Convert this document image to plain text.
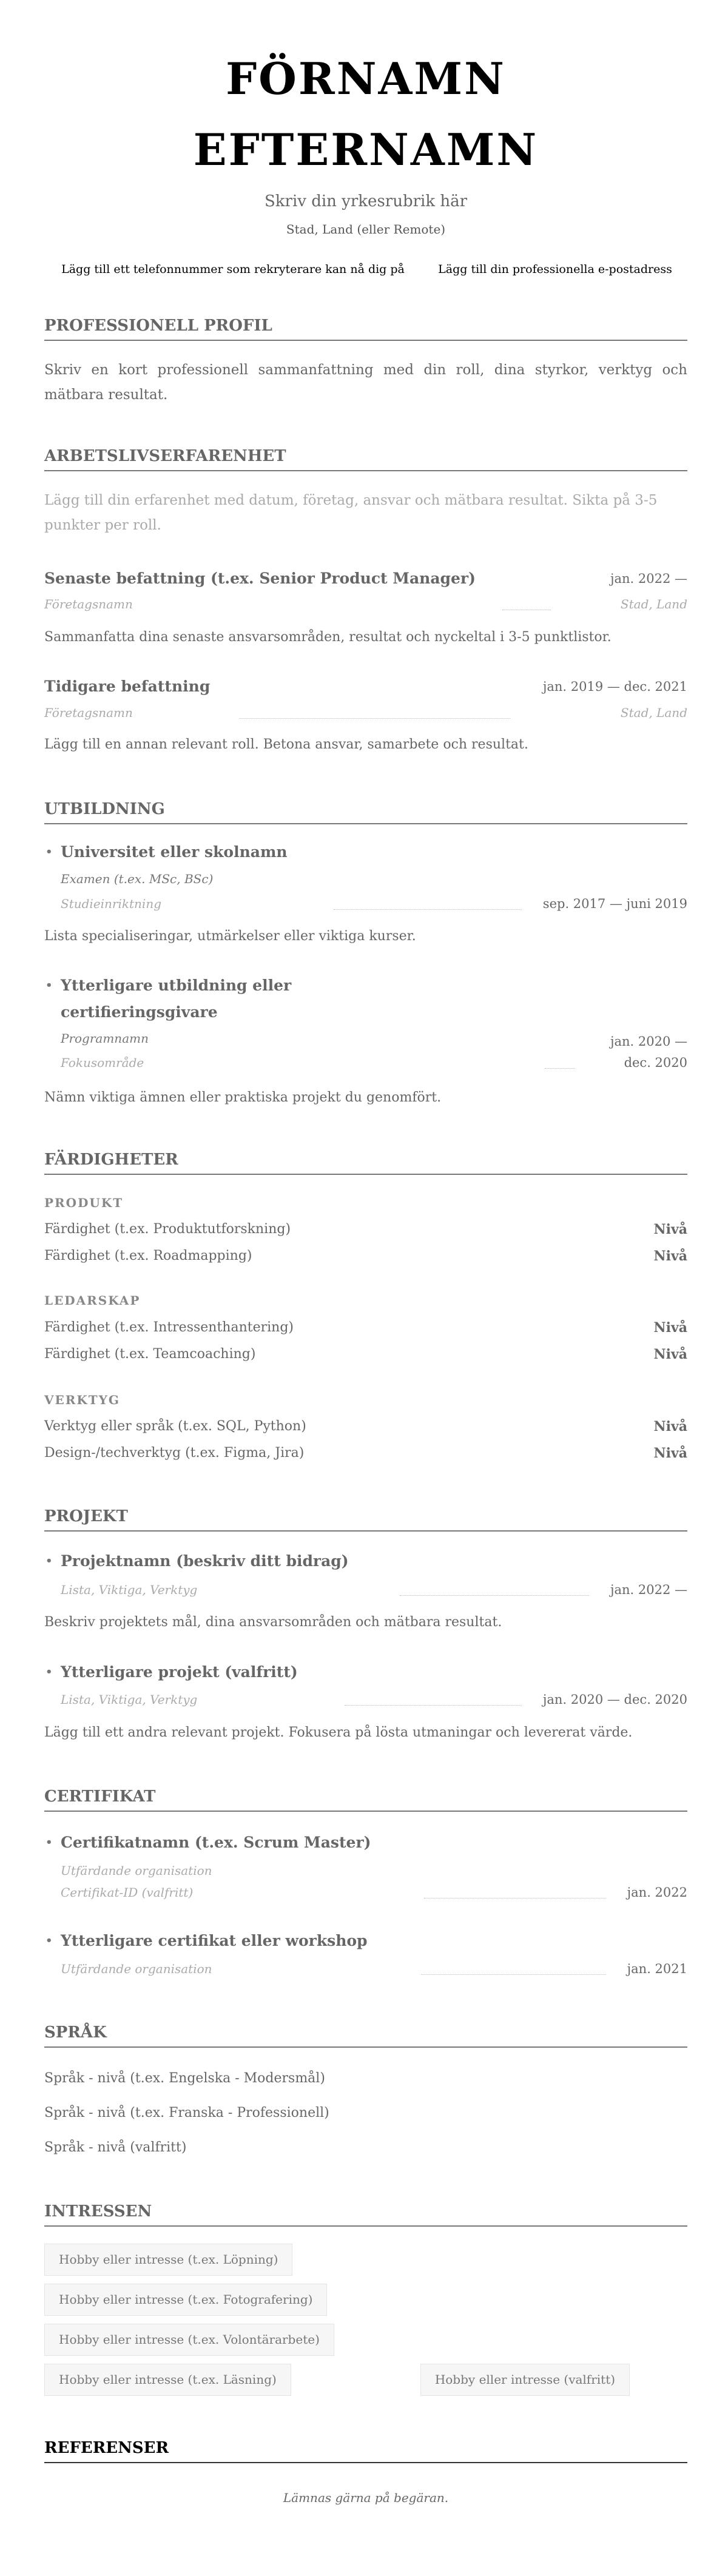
FÖRNAMN
EFTERNAMN
Skriv din yrkesrubrik här
Stad, Land (eller Remote)
Lägg till ett telefonnummer som rekryterare kan nå dig på	Lägg till din professionella e-postadress
PROFESSIONELL PROFIL

Skriv en kort professionell sammanfattning med din roll, dina styrkor, verktyg och mätbara resultat.

ARBETSLIVSERFARENHET

Lägg till din erfarenhet med datum, företag, ansvar och mätbara resultat. Sikta på 3-5 punkter per roll.

Senaste befattning (t.ex. Senior Product Manager)	jan. 2022 —
Företagsnamn	Stad, Land
Sammanfatta dina senaste ansvarsområden, resultat och nyckeltal i 3-5 punktlistor.
Tidigare befattning	jan. 2019 — dec. 2021
Företagsnamn	Stad, Land
Lägg till en annan relevant roll. Betona ansvar, samarbete och resultat.
UTBILDNING
• Universitet eller skolnamn
Examen (t.ex. MSc, BSc)
Studieinriktning	sep. 2017 — juni 2019
Lista specialiseringar, utmärkelser eller viktiga kurser.
• Ytterligare utbildning eller certifieringsgivare
Programnamn
Fokusområde
jan. 2020 — dec. 2020
Nämn viktiga ämnen eller praktiska projekt du genomfört.
FÄRDIGHETER
PRODUKT
Färdighet (t.ex. Produktutforskning)	Nivå
Färdighet (t.ex. Roadmapping)	Nivå
LEDARSKAP
Färdighet (t.ex. Intressenthantering)	Nivå
Färdighet (t.ex. Teamcoaching)	Nivå
VERKTYG
Verktyg eller språk (t.ex. SQL, Python)	Nivå
Design-/techverktyg (t.ex. Figma, Jira)	Nivå
PROJEKT
• Projektnamn (beskriv ditt bidrag)
Lista, Viktiga, Verktyg	jan. 2022 —
Beskriv projektets mål, dina ansvarsområden och mätbara resultat.
• Ytterligare projekt (valfritt)
Lista, Viktiga, Verktyg	jan. 2020 — dec. 2020
Lägg till ett andra relevant projekt. Fokusera på lösta utmaningar och levererat värde.
CERTIFIKAT
• Certifikatnamn (t.ex. Scrum Master)
Utfärdande organisation
Certifikat-ID (valfritt)	jan. 2022
• Ytterligare certifikat eller workshop
Utfärdande organisation	jan. 2021
SPRÅK
Språk - nivå (t.ex. Engelska - Modersmål)
Språk - nivå (t.ex. Franska - Professionell)
Språk - nivå (valfritt)
INTRESSEN
Hobby eller intresse (t.ex. Löpning)
Hobby eller intresse (t.ex. Fotografering)
Hobby eller intresse (t.ex. Volontärarbete)
Hobby eller intresse (t.ex. Läsning)	Hobby eller intresse (valfritt)
REFERENSER
Lämnas gärna på begäran.
